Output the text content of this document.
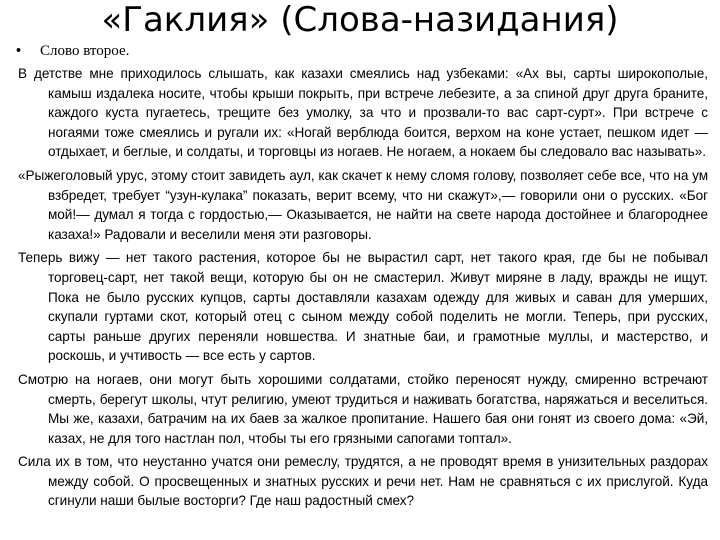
«Гаклия» (Слова-назидания)
• Слово второе.

В детстве мне приходилось слышать, как казахи смеялись над узбеками: «Ах вы, сарты широкополые, камыш издалека носите, чтобы крыши покрыть, при встрече лебезите, а за спиной друг друга браните, каждого куста пугаетесь, трещите без умолку, за что и прозвали-то вас сарт-сурт». При встрече с ногаями тоже смеялись и ругали их: «Ногай верблюда боится, верхом на коне устает, пешком идет — отдыхает, и беглые, и солдаты, и торговцы из ногаев. Не ногаем, а нокаем бы следовало вас называть».

«Рыжеголовый урус, этому стоит завидеть аул, как скачет к нему сломя голову, позволяет себе все, что на ум взбредет, требует “узун-кулака” показать, верит всему, что ни скажут»,— говорили они о русских. «Бог мой!— думал я тогда с гордостью,— Оказывается, не найти на свете народа достойнее и благороднее казаха!» Радовали и веселили меня эти разговоры.

Теперь вижу — нет такого растения, которое бы не вырастил сарт, нет такого края, где бы не побывал торговец-сарт, нет такой вещи, которую бы он не смастерил. Живут миряне в ладу, вражды не ищут. Пока не было русских купцов, сарты доставляли казахам одежду для живых и саван для умерших, скупали гуртами скот, который отец с сыном между собой поделить не могли. Теперь, при русских, сарты раньше других переняли новшества. И знатные баи, и грамотные муллы, и мастерство, и роскошь, и учтивость — все есть у сартов.

Смотрю на ногаев, они могут быть хорошими солдатами, стойко переносят нужду, смиренно встречают смерть, берегут школы, чтут религию, умеют трудиться и наживать богатства, наряжаться и веселиться. Мы же, казахи, батрачим на их баев за жалкое пропитание. Нашего бая они гонят из своего дома: «Эй, казах, не для того настлан пол, чтобы ты его грязными сапогами топтал».

Сила их в том, что неустанно учатся они ремеслу, трудятся, а не проводят время в унизительных раздорах между собой. О просвещенных и знатных русских и речи нет. Нам не сравняться с их прислугой. Куда сгинули наши былые восторги? Где наш радостный смех?
